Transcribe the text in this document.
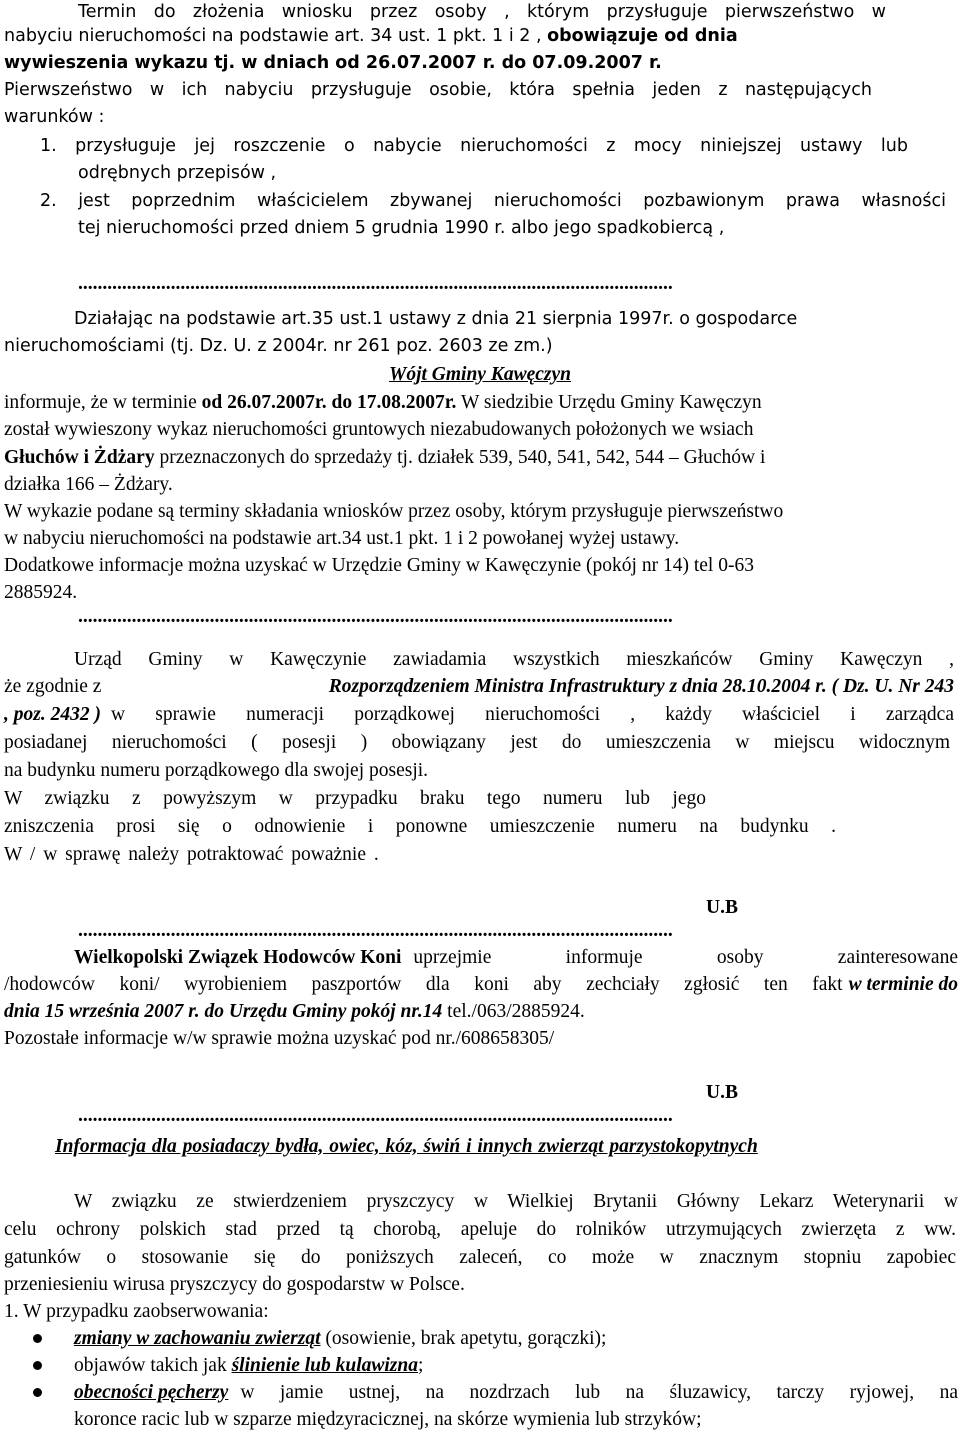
Termin do złożenia wniosku przez osoby , którym przysługuje pierwszeństwo w
nabyciu nieruchomości na podstawie art. 34 ust. 1 pkt. 1 i 2 , obowiązuje od dnia
wywieszenia wykazu tj. w dniach od 26.07.2007 r. do 07.09.2007 r.
Pierwszeństwo w ich nabyciu przysługuje osobie, która spełnia jeden z następujących
warunków :
1. przysługuje jej roszczenie o nabycie nieruchomości z mocy niniejszej ustawy lub
odrębnych przepisów ,
2. jest poprzednim właścicielem zbywanej nieruchomości pozbawionym prawa własności
tej nieruchomości przed dniem 5 grudnia 1990 r. albo jego spadkobiercą ,
..........................................................................................................................
Działając na podstawie art.35 ust.1 ustawy z dnia 21 sierpnia 1997r. o gospodarce
nieruchomościami (tj. Dz. U. z 2004r. nr 261 poz. 2603 ze zm.)
Wójt Gminy Kawęczyn
informuje, że w terminie od 26.07.2007r. do 17.08.2007r. W siedzibie Urzędu Gminy Kawęczyn
został wywieszony wykaz nieruchomości gruntowych niezabudowanych położonych we wsiach
Głuchów i Żdżary przeznaczonych do sprzedaży tj. działek 539, 540, 541, 542, 544 – Głuchów i
działka 166 – Żdżary.
W wykazie podane są terminy składania wniosków przez osoby, którym przysługuje pierwszeństwo
w nabyciu nieruchomości na podstawie art.34 ust.1 pkt. 1 i 2 powołanej wyżej ustawy.
Dodatkowe informacje można uzyskać w Urzędzie Gminy w Kawęczynie (pokój nr 14) tel 0-63
2885924.
..........................................................................................................................
Urząd Gminy w Kawęczynie zawiadamia wszystkich mieszkańców Gminy Kawęczyn ,
że zgodnie z	Rozporządzeniem Ministra Infrastruktury z dnia 28.10.2004 r. ( Dz. U. Nr 243
, poz. 2432 ) w sprawie numeracji porządkowej nieruchomości , każdy właściciel i zarządca
posiadanej nieruchomości ( posesji ) obowiązany jest do umieszczenia w miejscu widocznym
na budynku numeru porządkowego dla swojej posesji.
W związku z powyższym w przypadku braku tego numeru lub jego
zniszczenia prosi się o odnowienie i ponowne umieszczenie numeru na budynku .
W / w sprawę należy potraktować poważnie .
U.B
..........................................................................................................................
Wielkopolski Związek Hodowców Koni uprzejmie informuje osoby zainteresowane
/hodowców koni/ wyrobieniem paszportów dla koni aby zechciały zgłosić ten fakt w terminie do
dnia 15 września 2007 r. do Urzędu Gminy pokój nr.14 tel./063/2885924.
Pozostałe informacje w/w sprawie można uzyskać pod nr./608658305/
U.B
..........................................................................................................................
Informacja dla posiadaczy bydła, owiec, kóz, świń i innych zwierząt parzystokopytnych
W związku ze stwierdzeniem pryszczycy w Wielkiej Brytanii Główny Lekarz Weterynarii w
celu ochrony polskich stad przed tą chorobą, apeluje do rolników utrzymujących zwierzęta z ww.
gatunków o stosowanie się do poniższych zaleceń, co może w znacznym stopniu zapobiec
przeniesieniu wirusa pryszczycy do gospodarstw w Polsce.
1. W przypadku zaobserwowania:
zmiany w zachowaniu zwierząt (osowienie, brak apetytu, gorączki);
objawów takich jak ślinienie lub kulawizna;
obecności pęcherzy w jamie ustnej, na nozdrzach lub na śluzawicy, tarczy ryjowej, na
koronce racic lub w szparze międzyracicznej, na skórze wymienia lub strzyków;
